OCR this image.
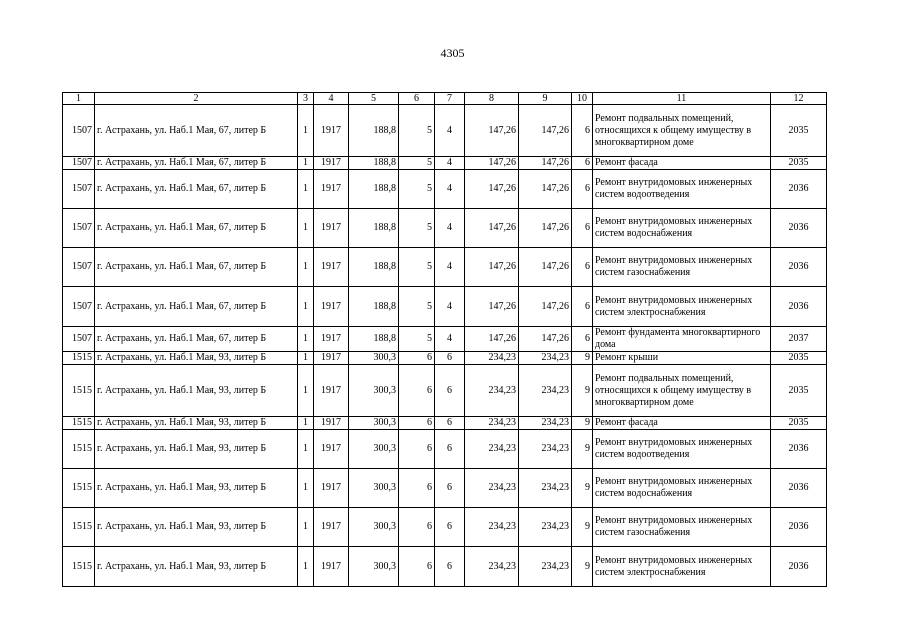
4305
1	2	3	4	5	6	7	8	9	10	11	12
1507	г. Астрахань, ул. Наб.1 Мая, 67, литер Б	1	1917	188,8	5	4	147,26	147,26	6	Ремонт подвальных помещений, относящихся к общему имуществу в многоквартирном доме	2035
1507	г. Астрахань, ул. Наб.1 Мая, 67, литер Б	1	1917	188,8	5	4	147,26	147,26	6	Ремонт фасада	2035
1507	г. Астрахань, ул. Наб.1 Мая, 67, литер Б	1	1917	188,8	5	4	147,26	147,26	6	Ремонт внутридомовых инженерных систем водоотведения	2036
1507	г. Астрахань, ул. Наб.1 Мая, 67, литер Б	1	1917	188,8	5	4	147,26	147,26	6	Ремонт внутридомовых инженерных систем водоснабжения	2036
1507	г. Астрахань, ул. Наб.1 Мая, 67, литер Б	1	1917	188,8	5	4	147,26	147,26	6	Ремонт внутридомовых инженерных систем газоснабжения	2036
1507	г. Астрахань, ул. Наб.1 Мая, 67, литер Б	1	1917	188,8	5	4	147,26	147,26	6	Ремонт внутридомовых инженерных систем электроснабжения	2036
1507	г. Астрахань, ул. Наб.1 Мая, 67, литер Б	1	1917	188,8	5	4	147,26	147,26	6	Ремонт фундамента многоквартирного дома	2037
1515	г. Астрахань, ул. Наб.1 Мая, 93, литер Б	1	1917	300,3	6	6	234,23	234,23	9	Ремонт крыши	2035
1515	г. Астрахань, ул. Наб.1 Мая, 93, литер Б	1	1917	300,3	6	6	234,23	234,23	9	Ремонт подвальных помещений, относящихся к общему имуществу в многоквартирном доме	2035
1515	г. Астрахань, ул. Наб.1 Мая, 93, литер Б	1	1917	300,3	6	6	234,23	234,23	9	Ремонт фасада	2035
1515	г. Астрахань, ул. Наб.1 Мая, 93, литер Б	1	1917	300,3	6	6	234,23	234,23	9	Ремонт внутридомовых инженерных систем водоотведения	2036
1515	г. Астрахань, ул. Наб.1 Мая, 93, литер Б	1	1917	300,3	6	6	234,23	234,23	9	Ремонт внутридомовых инженерных систем водоснабжения	2036
1515	г. Астрахань, ул. Наб.1 Мая, 93, литер Б	1	1917	300,3	6	6	234,23	234,23	9	Ремонт внутридомовых инженерных систем газоснабжения	2036
1515	г. Астрахань, ул. Наб.1 Мая, 93, литер Б	1	1917	300,3	6	6	234,23	234,23	9	Ремонт внутридомовых инженерных систем электроснабжения	2036
